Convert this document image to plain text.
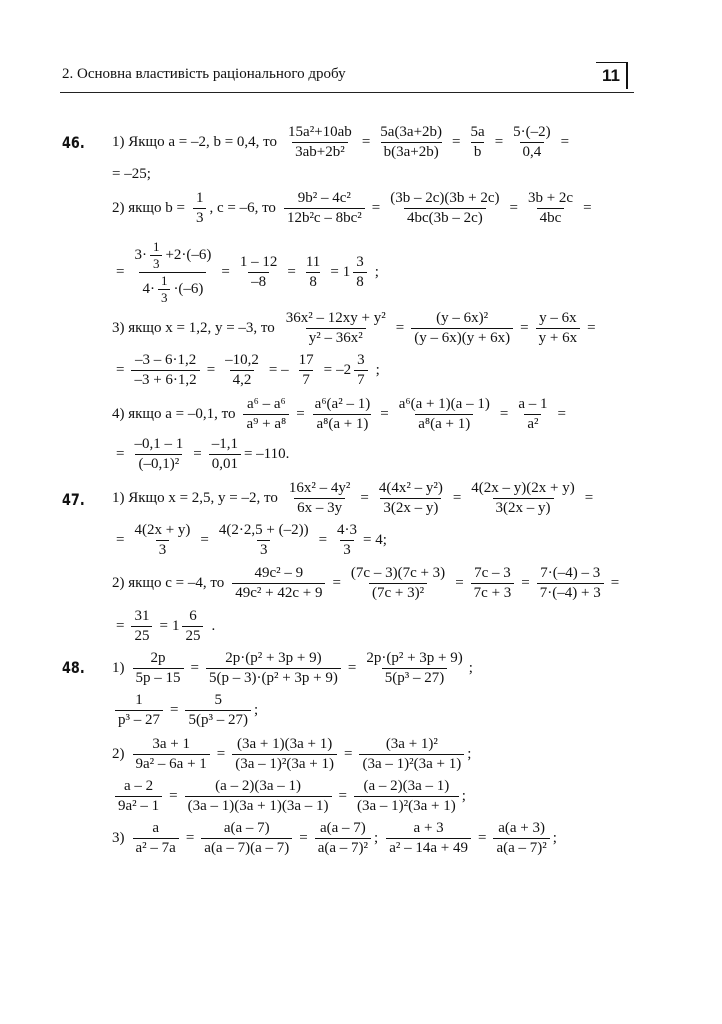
2. Основна властивість раціонального дробу	11
46. 1) Якщо a = –2, b = 0,4, то $\frac{\text{15a²+10ab}}{\text{3ab+2b²}} = \frac{5a(3a+2b)}{b(3a+2b)} = \frac{5a}{b} = \frac{5\cdot(-2)}{0,4}$ =
= –25;
2) якщо $b = \frac{1}{3}$ , c = –6, то $\frac{\text{9b² – 4c²}}{\text{12b²c – 8bc²}} = \frac{(3b - 2c)(3b + 2c)}{4bc(3b - 2c)} = \frac{3b + 2c}{4bc}$ =
= $\frac{3\cdot \frac{1}{3} +2\cdot(-6)}{4\cdot \frac{1}{3} \cdot(-6)} = \frac{1 - 12}{-8} = \frac{11}{8} = 1 \frac{3}{8}$ ;
3) якщо x = 1,2, y = –3, то $\frac{\text{36x² – 12xy + y²}}{\text{y² – 36x²}} = \frac{\text{(y – 6x)²}}{(y - 6x)(y + 6x)} = \frac{y - 6x}{y + 6x}$ =
= $\frac{-3 - 6\cdot 1,2}{-3 + 6\cdot 1,2} = \frac{-10,2}{4,2}$ = – $\frac{17}{7} = -2 \frac{3}{7}$ ;
4) якщо a = –0,1, то $\frac{\text{a⁶ – a⁶}}{\text{a⁹ + a⁸}} = \frac{\text{a⁶(a² – 1)}}{\text{a⁸(a + 1)}} = \frac{\text{a⁶(a + 1)(a – 1)}}{\text{a⁸(a + 1)}} = \frac{a - 1}{\text{a²}}$ =
= $\frac{-0,1 - 1}{\text{(–0,1)²}} = \frac{-1,1}{0,01} = -110$.
47. 1) Якщо x = 2,5, y = –2, то $\frac{\text{16x² – 4y²}}{6x - 3y} = \frac{\text{4(4x² – y²)}}{3(2x - y)} = \frac{4(2x - y)(2x + y)}{3(2x - y)}$ =
= $\frac{4(2x + y)}{3} = \frac{4(2\cdot 2,5 + (-2))}{3} = \frac{4\cdot 3}{3} = 4$;
2) якщо c = –4, то $\frac{\text{49c² – 9}}{\text{49c² + 42c + 9}} = \frac{(7c - 3)(7c + 3)}{\text{(7c + 3)²}} = \frac{7c - 3}{7c + 3} = \frac{7\cdot(-4) - 3}{7\cdot(-4) + 3}$ =
= $\frac{31}{25} = 1 \frac{6}{25}$ .
48. $1) \frac{2p}{5p - 15} = \frac{\text{2p·(p² + 3p + 9)}}{\text{5(p – 3)·(p² + 3p + 9)}} = \frac{\text{2p·(p² + 3p + 9)}}{\text{5(p³ – 27)}}$ ;
$\frac{1}{\text{p³ – 27}} = \frac{5}{\text{5(p³ – 27)}}$ ;
$2) \frac{3a + 1}{\text{9a² – 6a + 1}} = \frac{(3a + 1)(3a + 1)}{\text{(3a – 1)²(3a + 1)}} = \frac{\text{(3a + 1)²}}{\text{(3a – 1)²(3a + 1)}}$ ;
$\frac{a - 2}{\text{9a² – 1}} = \frac{(a - 2)(3a - 1)}{(3a - 1)(3a + 1)(3a - 1)} = \frac{(a - 2)(3a - 1)}{\text{(3a – 1)²(3a + 1)}}$ ;
$3) \frac{a}{\text{a² – 7a}} = \frac{a(a - 7)}{a(a - 7)(a - 7)} = \frac{a(a - 7)}{\text{a(a – 7)²}}$ ; $\frac{a + 3}{\text{a² – 14a + 49}} = \frac{a(a + 3)}{\text{a(a – 7)²}}$ ;
